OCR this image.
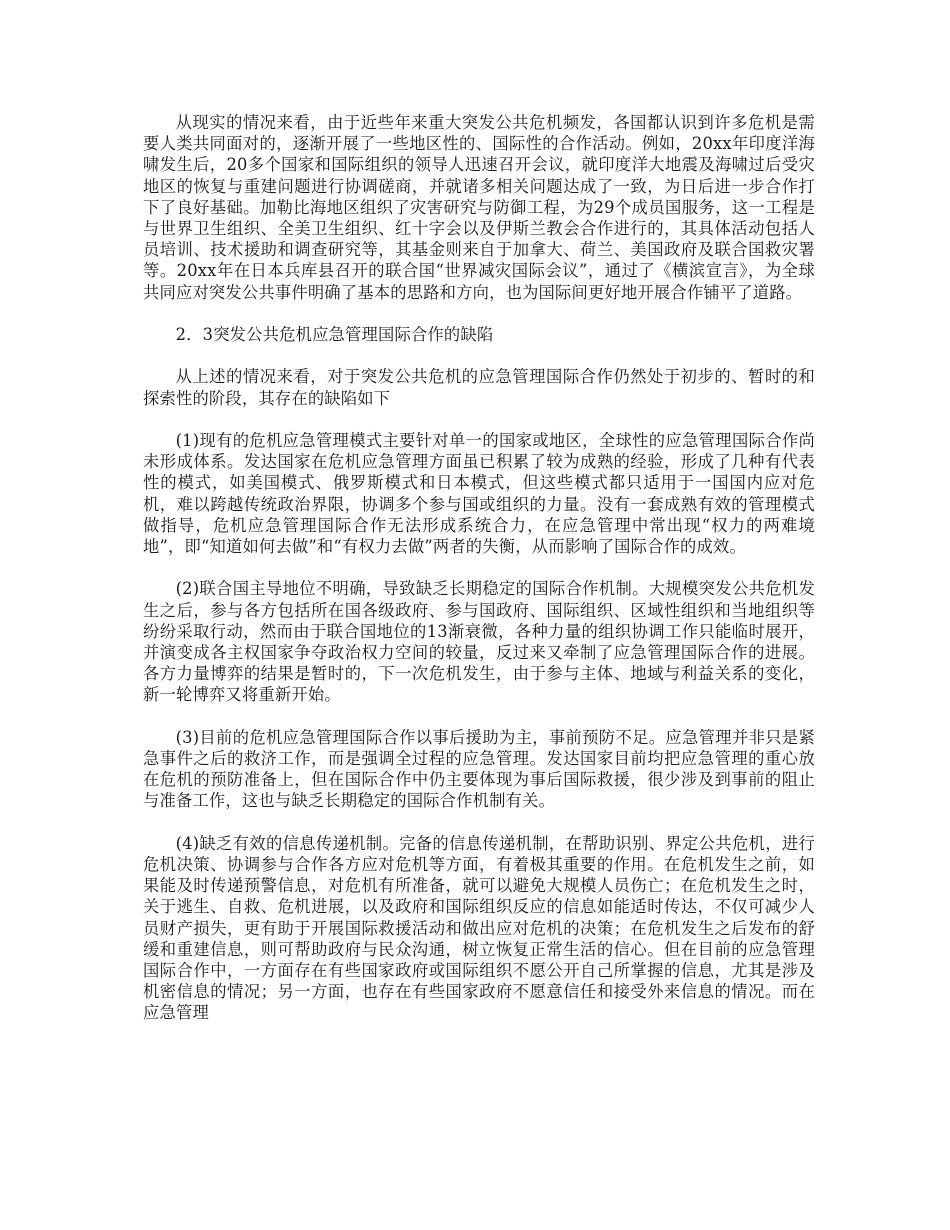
从现实的情况来看，由于近些年来重大突发公共危机频发，各国都认识到许多危机是需要人类共同面对的，逐渐开展了一些地区性的、国际性的合作活动。例如，20xx年印度洋海啸发生后，20多个国家和国际组织的领导人迅速召开会议，就印度洋大地震及海啸过后受灾地区的恢复与重建问题进行协调磋商，并就诸多相关问题达成了一致，为日后进一步合作打下了良好基础。加勒比海地区组织了灾害研究与防御工程，为29个成员国服务，这一工程是与世界卫生组织、全美卫生组织、红十字会以及伊斯兰教会合作进行的，其具体活动包括人员培训、技术援助和调查研究等，其基金则来自于加拿大、荷兰、美国政府及联合国救灾署等。20xx年在日本兵库县召开的联合国“世界减灾国际会议”，通过了《横滨宣言》，为全球共同应对突发公共事件明确了基本的思路和方向，也为国际间更好地开展合作铺平了道路。

2．3突发公共危机应急管理国际合作的缺陷

从上述的情况来看，对于突发公共危机的应急管理国际合作仍然处于初步的、暂时的和探索性的阶段，其存在的缺陷如下

(1)现有的危机应急管理模式主要针对单一的国家或地区，全球性的应急管理国际合作尚未形成体系。发达国家在危机应急管理方面虽已积累了较为成熟的经验，形成了几种有代表性的模式，如美国模式、俄罗斯模式和日本模式，但这些模式都只适用于一国国内应对危机，难以跨越传统政治界限，协调多个参与国或组织的力量。没有一套成熟有效的管理模式做指导，危机应急管理国际合作无法形成系统合力，在应急管理中常出现“权力的两难境地”，即“知道如何去做”和“有权力去做”两者的失衡，从而影响了国际合作的成效。

(2)联合国主导地位不明确，导致缺乏长期稳定的国际合作机制。大规模突发公共危机发生之后，参与各方包括所在国各级政府、参与国政府、国际组织、区域性组织和当地组织等纷纷采取行动，然而由于联合国地位的13渐衰微，各种力量的组织协调工作只能临时展开，并演变成各主权国家争夺政治权力空间的较量，反过来又牵制了应急管理国际合作的进展。各方力量博弈的结果是暂时的，下一次危机发生，由于参与主体、地域与利益关系的变化，新一轮博弈又将重新开始。

(3)目前的危机应急管理国际合作以事后援助为主，事前预防不足。应急管理并非只是紧急事件之后的救济工作，而是强调全过程的应急管理。发达国家目前均把应急管理的重心放在危机的预防准备上，但在国际合作中仍主要体现为事后国际救援，很少涉及到事前的阻止与准备工作，这也与缺乏长期稳定的国际合作机制有关。

(4)缺乏有效的信息传递机制。完备的信息传递机制，在帮助识别、界定公共危机，进行危机决策、协调参与合作各方应对危机等方面，有着极其重要的作用。在危机发生之前，如果能及时传递预警信息，对危机有所准备，就可以避免大规模人员伤亡；在危机发生之时，关于逃生、自救、危机进展，以及政府和国际组织反应的信息如能适时传达，不仅可减少人员财产损失，更有助于开展国际救援活动和做出应对危机的决策；在危机发生之后发布的舒缓和重建信息，则可帮助政府与民众沟通，树立恢复正常生活的信心。但在目前的应急管理国际合作中，一方面存在有些国家政府或国际组织不愿公开自己所掌握的信息，尤其是涉及机密信息的情况；另一方面，也存在有些国家政府不愿意信任和接受外来信息的情况。而在应急管理
